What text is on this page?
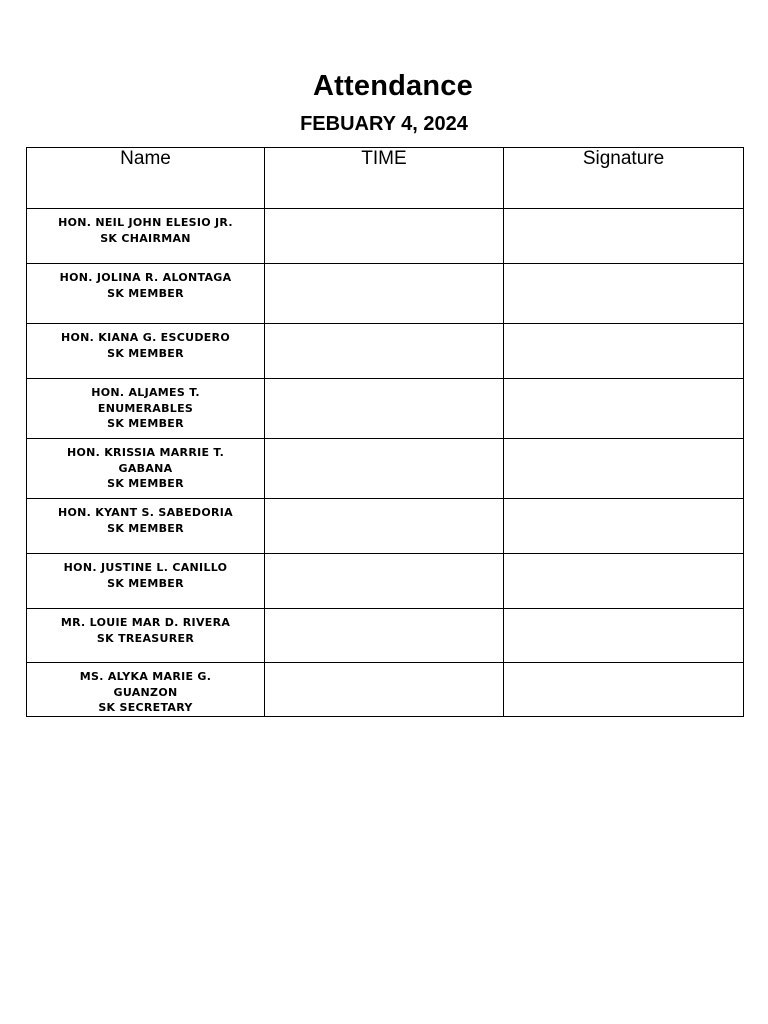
Attendance
FEBUARY 4, 2024
Name	TIME	Signature

HON. NEIL JOHN ELESIO JR.
SK CHAIRMAN		

HON. JOLINA R. ALONTAGA
SK MEMBER		

HON. KIANA G. ESCUDERO
SK MEMBER		

HON. ALJAMES T.
ENUMERABLES
SK MEMBER		

HON. KRISSIA MARRIE T.
GABANA
SK MEMBER		

HON. KYANT S. SABEDORIA
SK MEMBER		

HON. JUSTINE L. CANILLO
SK MEMBER		

MR. LOUIE MAR D. RIVERA
SK TREASURER		

MS. ALYKA MARIE G.
GUANZON
SK SECRETARY		
